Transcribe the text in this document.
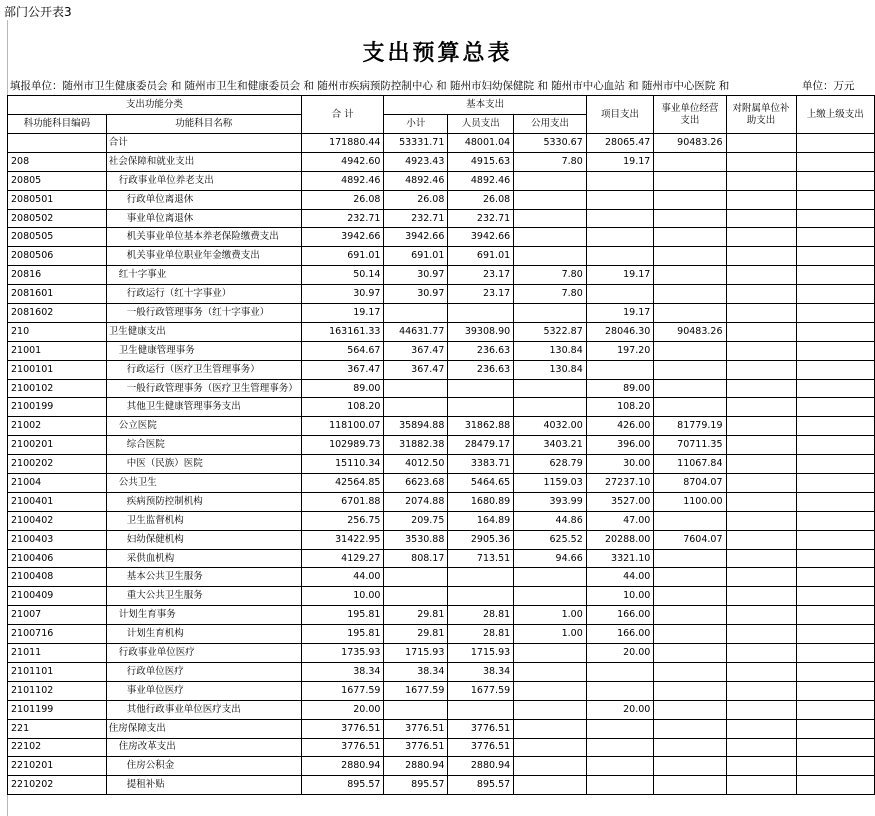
部门公开表3
支出预算总表
填报单位：随州市卫生健康委员会 和 随州市卫生和健康委员会 和 随州市疾病预防控制中心 和 随州市妇幼保健院 和 随州市中心血站 和 随州市中心医院 和	单位：万元
支出功能分类		合 计	基本支出			项目支出	事业单位经营支出	对附属单位补助支出	上缴上级支出
科功能科目编码	功能科目名称		小计	人员支出	公用支出				
	合计	171880.44	53331.71	48001.04	5330.67	28065.47	90483.26		
208	社会保障和就业支出	4942.60	4923.43	4915.63	7.80	19.17			
20805	行政事业单位养老支出	4892.46	4892.46	4892.46					
2080501	行政单位离退休	26.08	26.08	26.08					
2080502	事业单位离退休	232.71	232.71	232.71					
2080505	机关事业单位基本养老保险缴费支出	3942.66	3942.66	3942.66					
2080506	机关事业单位职业年金缴费支出	691.01	691.01	691.01					
20816	红十字事业	50.14	30.97	23.17	7.80	19.17			
2081601	行政运行（红十字事业）	30.97	30.97	23.17	7.80				
2081602	一般行政管理事务（红十字事业）	19.17				19.17			
210	卫生健康支出	163161.33	44631.77	39308.90	5322.87	28046.30	90483.26		
21001	卫生健康管理事务	564.67	367.47	236.63	130.84	197.20			
2100101	行政运行（医疗卫生管理事务）	367.47	367.47	236.63	130.84				
2100102	一般行政管理事务（医疗卫生管理事务）	89.00				89.00			
2100199	其他卫生健康管理事务支出	108.20				108.20			
21002	公立医院	118100.07	35894.88	31862.88	4032.00	426.00	81779.19		
2100201	综合医院	102989.73	31882.38	28479.17	3403.21	396.00	70711.35		
2100202	中医（民族）医院	15110.34	4012.50	3383.71	628.79	30.00	11067.84		
21004	公共卫生	42564.85	6623.68	5464.65	1159.03	27237.10	8704.07		
2100401	疾病预防控制机构	6701.88	2074.88	1680.89	393.99	3527.00	1100.00		
2100402	卫生监督机构	256.75	209.75	164.89	44.86	47.00			
2100403	妇幼保健机构	31422.95	3530.88	2905.36	625.52	20288.00	7604.07		
2100406	采供血机构	4129.27	808.17	713.51	94.66	3321.10			
2100408	基本公共卫生服务	44.00				44.00			
2100409	重大公共卫生服务	10.00				10.00			
21007	计划生育事务	195.81	29.81	28.81	1.00	166.00			
2100716	计划生育机构	195.81	29.81	28.81	1.00	166.00			
21011	行政事业单位医疗	1735.93	1715.93	1715.93		20.00			
2101101	行政单位医疗	38.34	38.34	38.34					
2101102	事业单位医疗	1677.59	1677.59	1677.59					
2101199	其他行政事业单位医疗支出	20.00				20.00			
221	住房保障支出	3776.51	3776.51	3776.51					
22102	住房改革支出	3776.51	3776.51	3776.51					
2210201	住房公积金	2880.94	2880.94	2880.94					
2210202	提租补贴	895.57	895.57	895.57					
